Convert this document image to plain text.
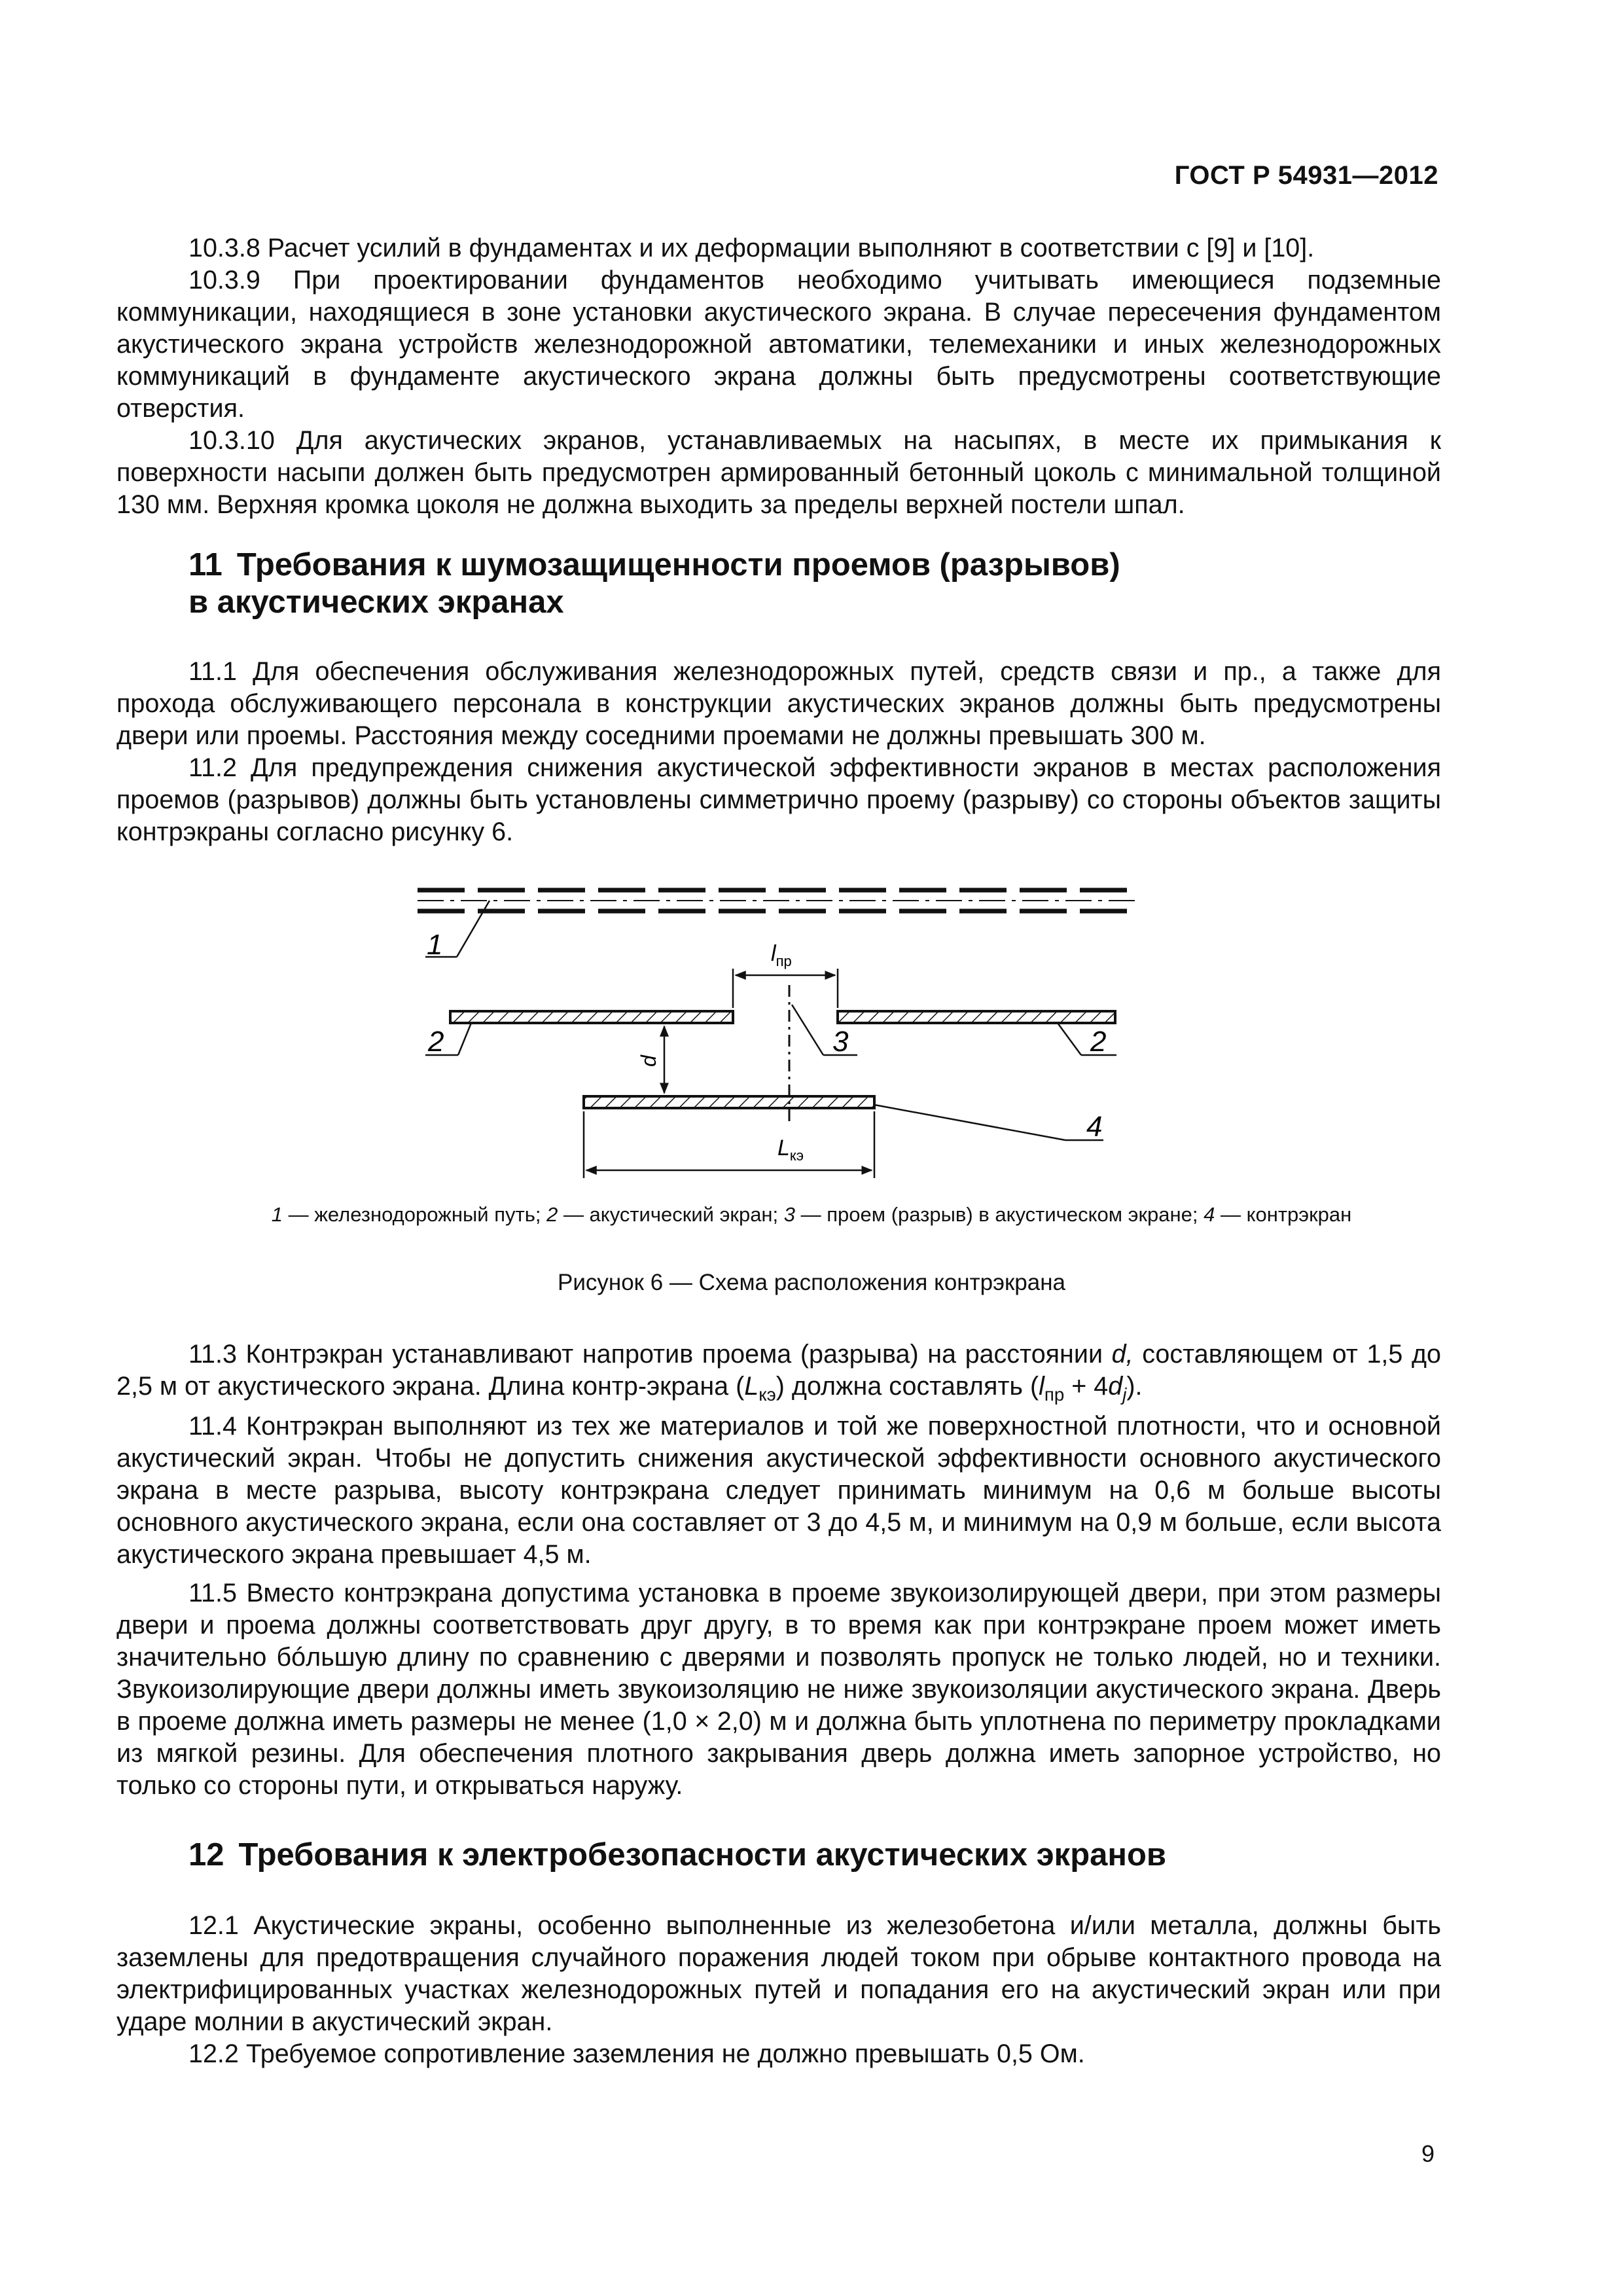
ГОСТ Р 54931—2012

10.3.8 Расчет усилий в фундаментах и их деформации выполняют в соответствии с [9] и [10].

10.3.9 При проектировании фундаментов необходимо учитывать имеющиеся подземные коммуникации, находящиеся в зоне установки акустического экрана. В случае пересечения фундаментом акустического экрана устройств железнодорожной автоматики, телемеханики и иных железнодорожных коммуникаций в фундаменте акустического экрана должны быть предусмотрены соответствующие отверстия.

10.3.10 Для акустических экранов, устанавливаемых на насыпях, в месте их примыкания к поверхности насыпи должен быть предусмотрен армированный бетонный цоколь с минимальной толщиной 130 мм. Верхняя кромка цоколя не должна выходить за пределы верхней постели шпал.

11 Требования к шумозащищенности проемов (разрывов)
в акустических экранах

11.1 Для обеспечения обслуживания железнодорожных путей, средств связи и пр., а также для прохода обслуживающего персонала в конструкции акустических экранов должны быть предусмотрены двери или проемы. Расстояния между соседними проемами не должны превышать 300 м.

11.2 Для предупреждения снижения акустической эффективности экранов в местах расположения проемов (разрывов) должны быть установлены симметрично проему (разрыву) со стороны объектов защиты контрэкраны согласно рисунку 6.

$l_{пр}$
d
$L_{кэ}$
1
2	3	2
4
1 — железнодорожный путь; 2 — акустический экран; 3 — проем (разрыв) в акустическом экране; 4 — контрэкран
Рисунок 6 — Схема расположения контрэкрана

11.3 Контрэкран устанавливают напротив проема (разрыва) на расстоянии d, составляющем от 1,5 до 2,5 м от акустического экрана. Длина контр-экрана $(L_{кэ})$ должна составлять $(l_{пр} + 4d_j)$.

11.4 Контрэкран выполняют из тех же материалов и той же поверхностной плотности, что и основной акустический экран. Чтобы не допустить снижения акустической эффективности основного акустического экрана в месте разрыва, высоту контрэкрана следует принимать минимум на 0,6 м больше высоты основного акустического экрана, если она составляет от 3 до 4,5 м, и минимум на 0,9 м больше, если высота акустического экрана превышает 4,5 м.

11.5 Вместо контрэкрана допустима установка в проеме звукоизолирующей двери, при этом размеры двери и проема должны соответствовать друг другу, в то время как при контрэкране проем может иметь значительно бóльшую длину по сравнению с дверями и позволять пропуск не только людей, но и техники. Звукоизолирующие двери должны иметь звукоизоляцию не ниже звукоизоляции акустического экрана. Дверь в проеме должна иметь размеры не менее (1,0 × 2,0) м и должна быть уплотнена по периметру прокладками из мягкой резины. Для обеспечения плотного закрывания дверь должна иметь запорное устройство, но только со стороны пути, и открываться наружу.

12 Требования к электробезопасности акустических экранов

12.1 Акустические экраны, особенно выполненные из железобетона и/или металла, должны быть заземлены для предотвращения случайного поражения людей током при обрыве контактного провода на электрифицированных участках железнодорожных путей и попадания его на акустический экран или при ударе молнии в акустический экран.

12.2 Требуемое сопротивление заземления не должно превышать 0,5 Ом.

9
